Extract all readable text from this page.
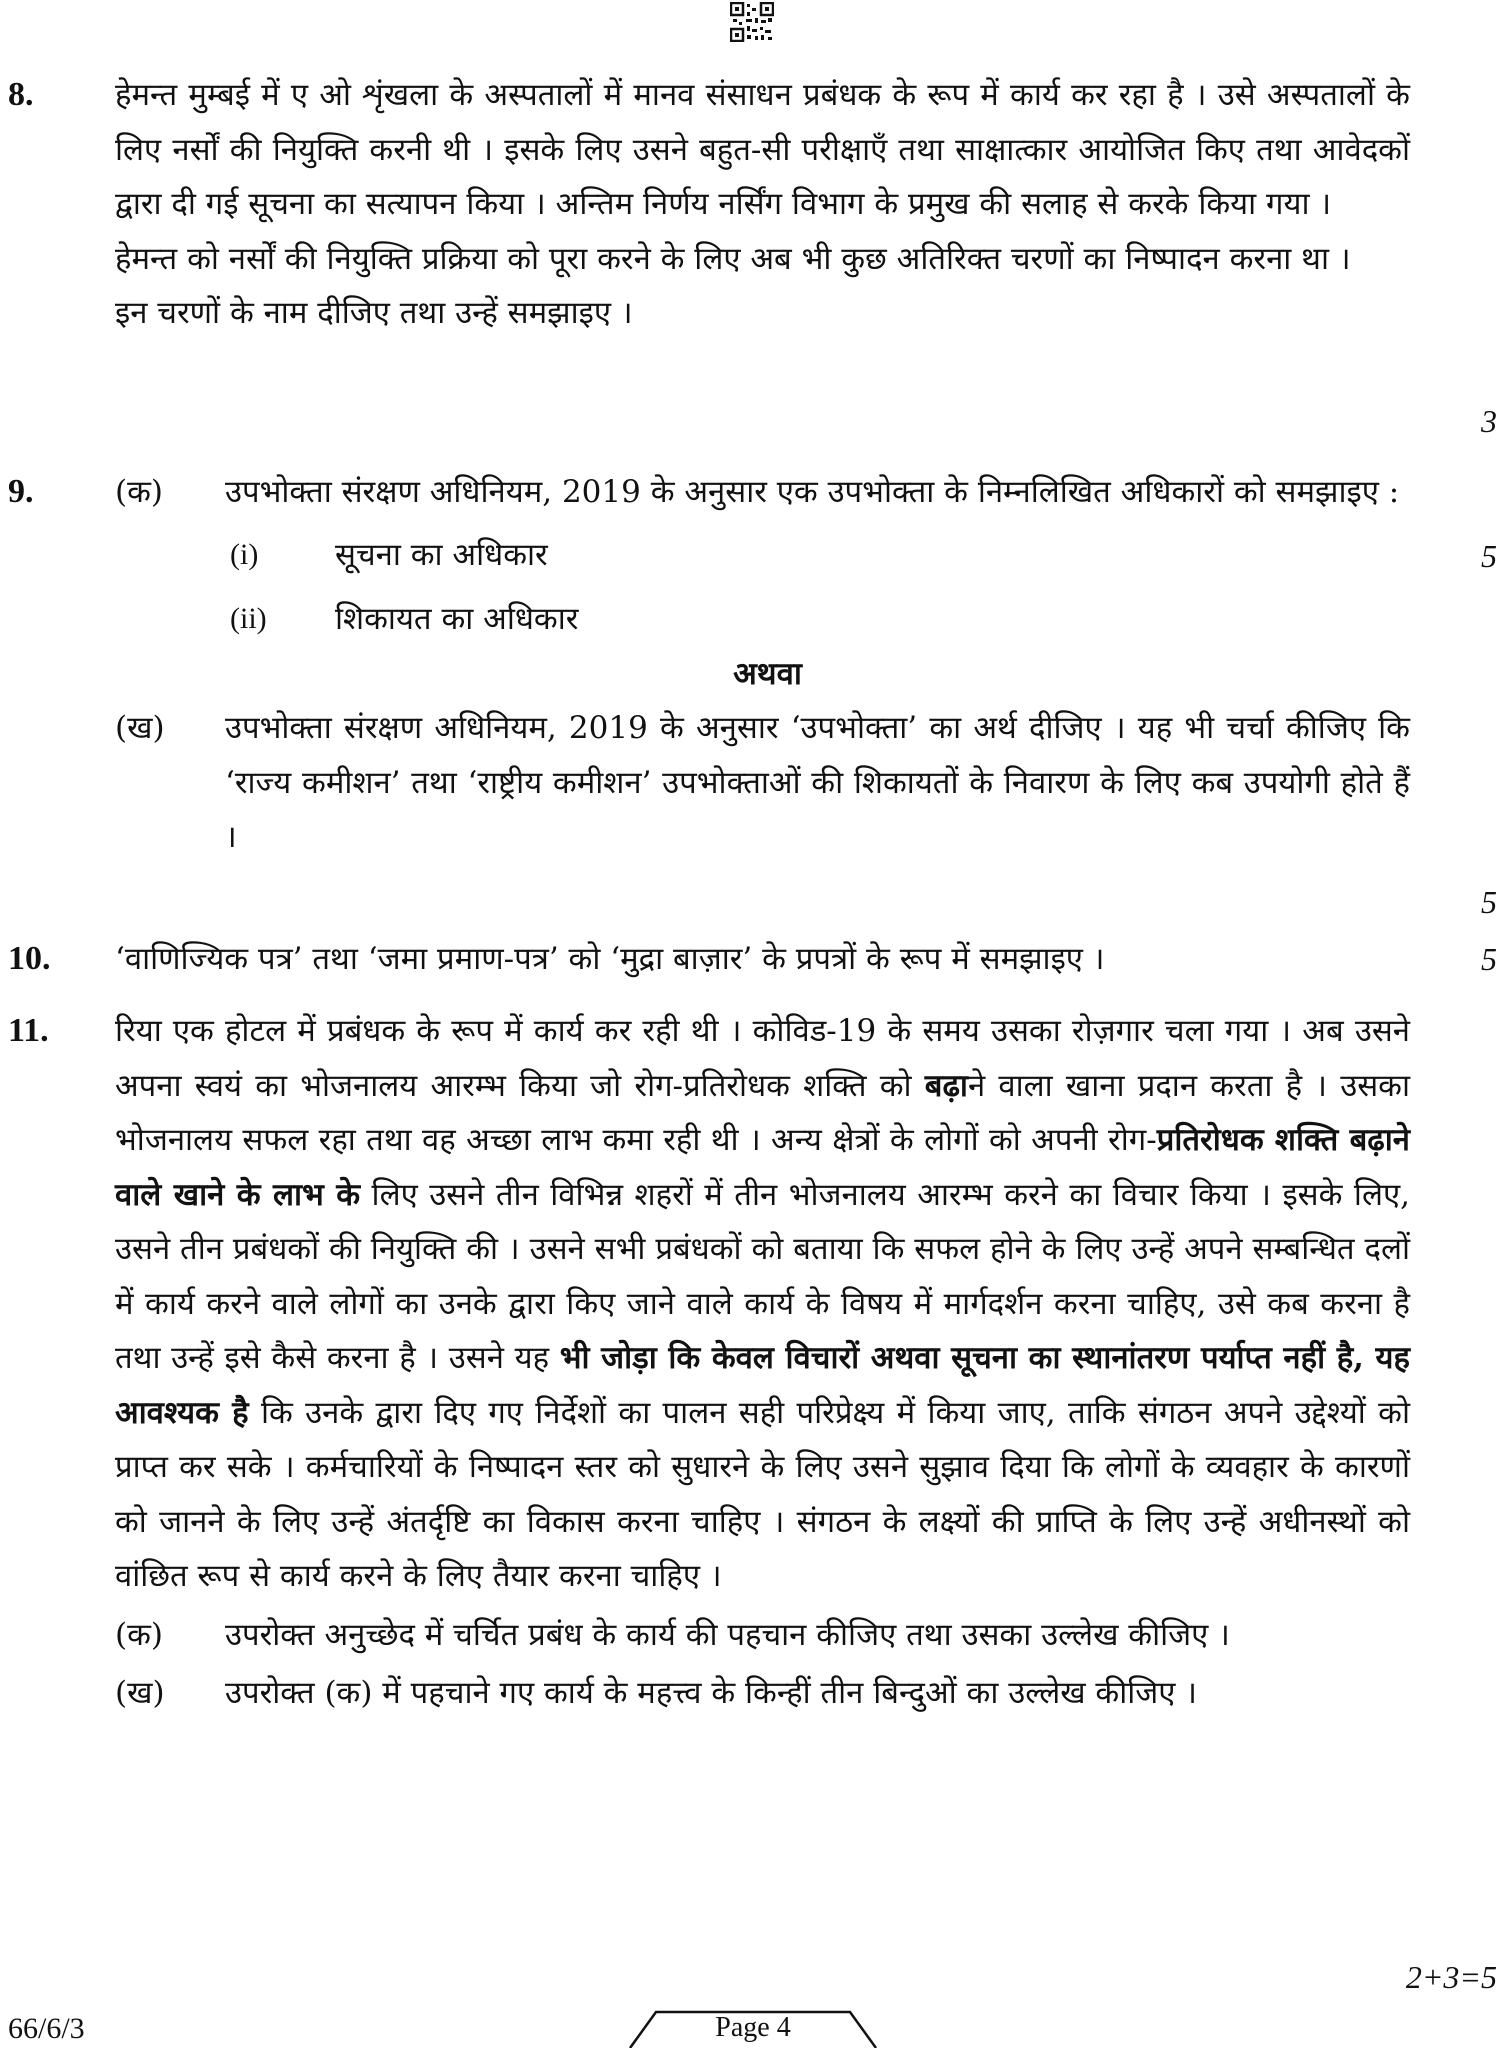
8.	हेमन्त मुम्बई में ए ओ शृंखला के अस्पतालों में मानव संसाधन प्रबंधक के रूप में कार्य कर रहा है । उसे अस्पतालों के लिए नर्सों की नियुक्ति करनी थी । इसके लिए उसने बहुत-सी परीक्षाएँ तथा साक्षात्कार आयोजित किए तथा आवेदकों द्वारा दी गई सूचना का सत्यापन किया । अन्तिम निर्णय नर्सिंग विभाग के प्रमुख की सलाह से करके किया गया ।

हेमन्त को नर्सों की नियुक्ति प्रक्रिया को पूरा करने के लिए अब भी कुछ अतिरिक्त चरणों का निष्पादन करना था ।

इन चरणों के नाम दीजिए तथा उन्हें समझाइए ।

3
9.	(क) उपभोक्ता संरक्षण अधिनियम, 2019 के अनुसार एक उपभोक्ता के निम्नलिखित अधिकारों को समझाइए :
(i) सूचना का अधिकार
(ii) शिकायत का अधिकार
अथवा
(ख) उपभोक्ता संरक्षण अधिनियम, 2019 के अनुसार ‘उपभोक्ता’ का अर्थ दीजिए । यह भी चर्चा कीजिए कि ‘राज्य कमीशन’ तथा ‘राष्ट्रीय कमीशन’ उपभोक्ताओं की शिकायतों के निवारण के लिए कब उपयोगी होते हैं ।
5
5
10. ‘वाणिज्यिक पत्र’ तथा ‘जमा प्रमाण-पत्र’ को ‘मुद्रा बाज़ार’ के प्रपत्रों के रूप में समझाइए ।	5
11. रिया एक होटल में प्रबंधक के रूप में कार्य कर रही थी । कोविड-19 के समय उसका रोज़गार चला गया । अब उसने अपना स्वयं का भोजनालय आरम्भ किया जो रोग-प्रतिरोधक शक्ति को बढ़ाने वाला खाना प्रदान करता है । उसका भोजनालय सफल रहा तथा वह अच्छा लाभ कमा रही थी । अन्य क्षेत्रों के लोगों को अपनी रोग-प्रतिरोधक शक्ति बढ़ाने वाले खाने के लाभ के लिए उसने तीन विभिन्न शहरों में तीन भोजनालय आरम्भ करने का विचार किया । इसके लिए, उसने तीन प्रबंधकों की नियुक्ति की । उसने सभी प्रबंधकों को बताया कि सफल होने के लिए उन्हें अपने सम्बन्धित दलों में कार्य करने वाले लोगों का उनके द्वारा किए जाने वाले कार्य के विषय में मार्गदर्शन करना चाहिए, उसे कब करना है तथा उन्हें इसे कैसे करना है । उसने यह भी जोड़ा कि केवल विचारों अथवा सूचना का स्थानांतरण पर्याप्त नहीं है, यह आवश्यक है कि उनके द्वारा दिए गए निर्देशों का पालन सही परिप्रेक्ष्य में किया जाए, ताकि संगठन अपने उद्देश्यों को प्राप्त कर सके । कर्मचारियों के निष्पादन स्तर को सुधारने के लिए उसने सुझाव दिया कि लोगों के व्यवहार के कारणों को जानने के लिए उन्हें अंतर्दृष्टि का विकास करना चाहिए । संगठन के लक्ष्यों की प्राप्ति के लिए उन्हें अधीनस्थों को वांछित रूप से कार्य करने के लिए तैयार करना चाहिए ।

(क) उपरोक्त अनुच्छेद में चर्चित प्रबंध के कार्य की पहचान कीजिए तथा उसका उल्लेख कीजिए ।
(ख) उपरोक्त (क) में पहचाने गए कार्य के महत्त्व के किन्हीं तीन बिन्दुओं का उल्लेख कीजिए ।
2+3=5
66/6/3	Page 4
